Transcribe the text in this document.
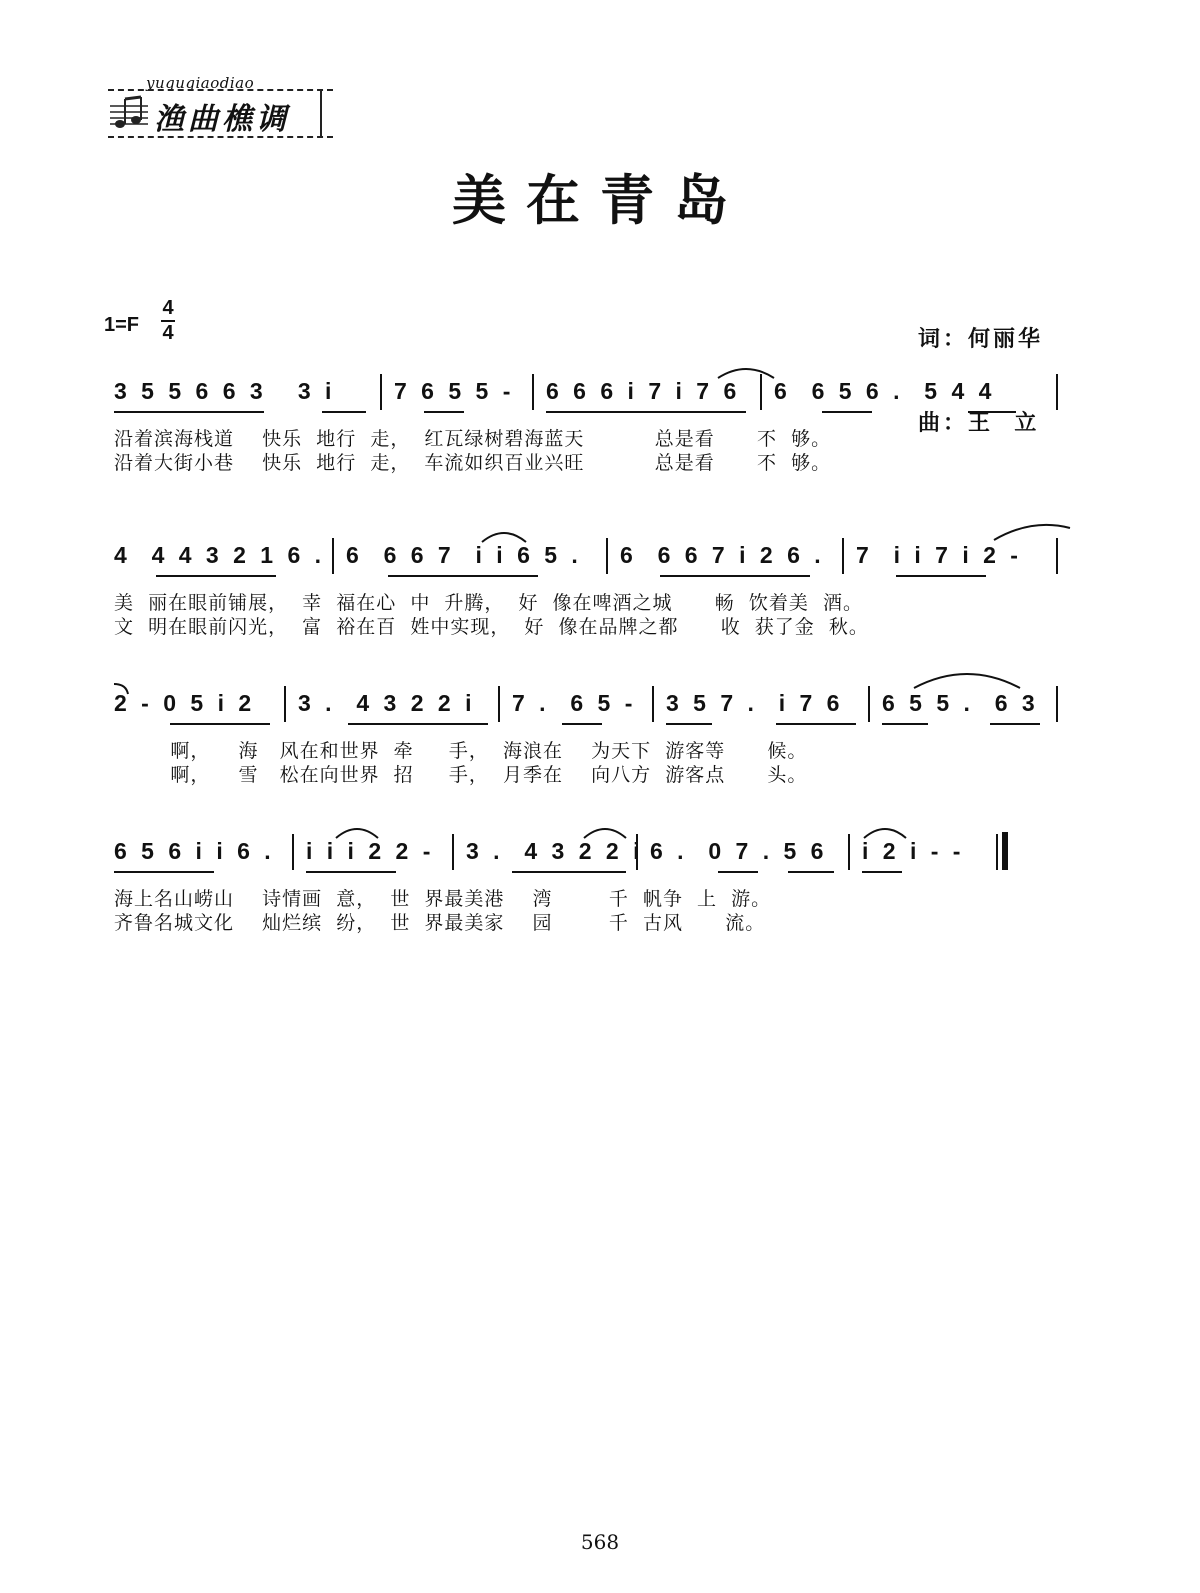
yuquqiaodiao
渔曲樵调
美在青岛

词：何丽华

曲：王  立

1=F
4
4
3 5 5 6 6 3   3 i	7 6 5 5 - 6 6 6 i 7 i 7 6 6  6 5 6 .  5 4 4
沿着滨海栈道    快乐  地行  走，  红瓦绿树碧海蓝天          总是看      不  够。
沿着大街小巷    快乐  地行  走，  车流如织百业兴旺          总是看      不  够。
4  4 4 3 2 1 6 . 6  6 6 7  i i 6 5 . 6  6 6 7 i 2 6 . 7  i i 7 i 2 -
美  丽在眼前铺展，  幸  福在心  中  升腾，  好  像在啤酒之城      畅  饮着美  酒。
文  明在眼前闪光，  富  裕在百  姓中实现，  好  像在品牌之都      收  获了金  秋。
2 - 0 5 i 2 3 .  4 3 2 2 i 7 .  6 5 - 3 5 7 .  i 7 6 6 5 5 .  6 3
啊，    海   风在和世界  牵     手，  海浪在    为天下  游客等      候。
啊，    雪   松在向世界  招     手，  月季在    向八方  游客点      头。
6 5 6 i i 6 . i i i 2 2 - 3 .  4 3 2 2 i 6 .  0 7 . 5 6 i 2 i - -
海上名山崂山    诗情画  意，  世  界最美港    湾        千  帆争  上  游。
齐鲁名城文化    灿烂缤  纷，  世  界最美家    园        千  古风      流。
568
